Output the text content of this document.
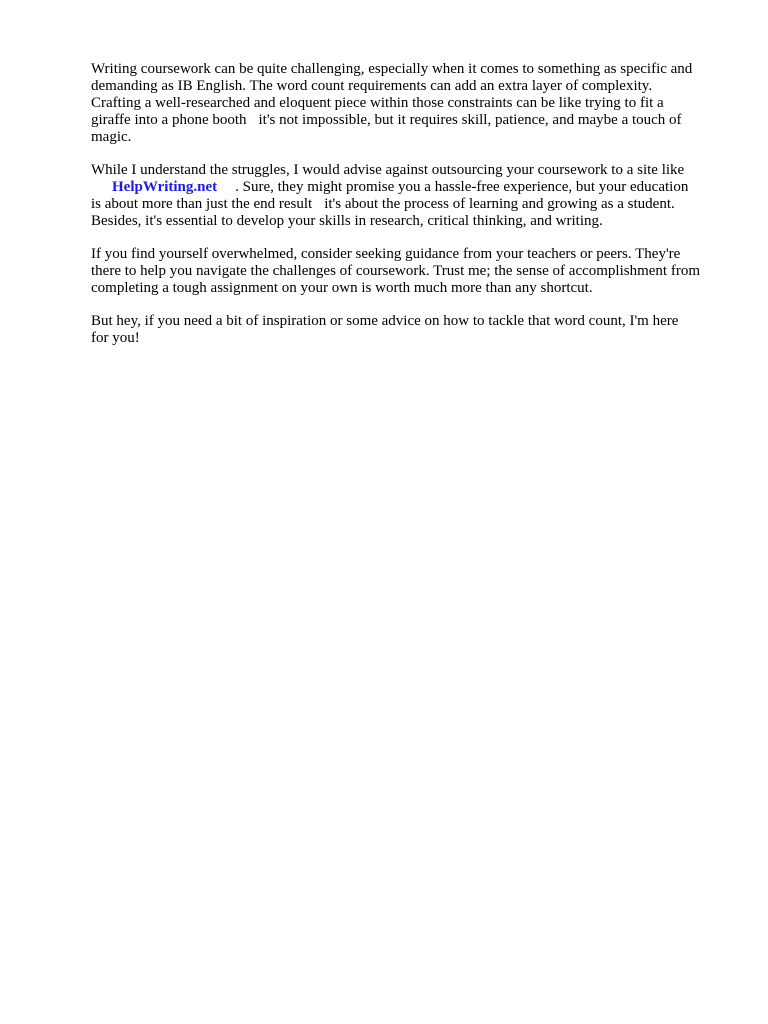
Writing coursework can be quite challenging, especially when it comes to something as specific and
demanding as IB English. The word count requirements can add an extra layer of complexity.
Crafting a well-researched and eloquent piece within those constraints can be like trying to fit a
giraffe into a phone booth it's not impossible, but it requires skill, patience, and maybe a touch of
magic.

While I understand the struggles, I would advise against outsourcing your coursework to a site like
HelpWriting.net . Sure, they might promise you a hassle-free experience, but your education
is about more than just the end result it's about the process of learning and growing as a student.
Besides, it's essential to develop your skills in research, critical thinking, and writing.

If you find yourself overwhelmed, consider seeking guidance from your teachers or peers. They're
there to help you navigate the challenges of coursework. Trust me; the sense of accomplishment from
completing a tough assignment on your own is worth much more than any shortcut.

But hey, if you need a bit of inspiration or some advice on how to tackle that word count, I'm here
for you!
